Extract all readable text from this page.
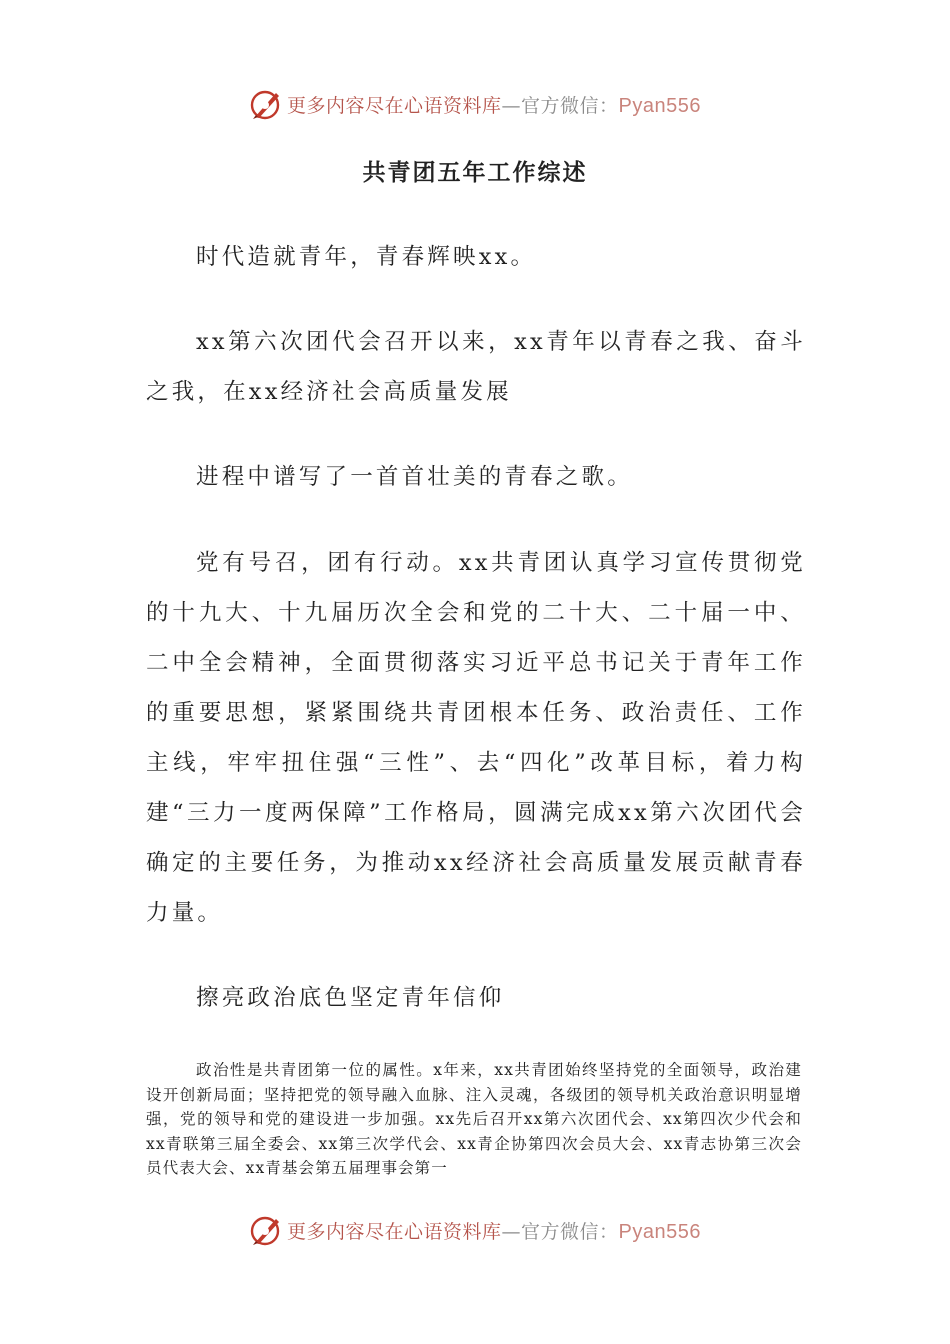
更多内容尽在心语资料库—官方微信：Pyan556
共青团五年工作综述

时代造就青年，青春辉映xx。

xx第六次团代会召开以来，xx青年以青春之我、奋斗之我，在xx经济社会高质量发展

进程中谱写了一首首壮美的青春之歌。

党有号召，团有行动。xx共青团认真学习宣传贯彻党的十九大、十九届历次全会和党的二十大、二十届一中、二中全会精神，全面贯彻落实习近平总书记关于青年工作的重要思想，紧紧围绕共青团根本任务、政治责任、工作主线，牢牢扭住强“三性”、去“四化”改革目标，着力构建“三力一度两保障”工作格局，圆满完成xx第六次团代会确定的主要任务，为推动xx经济社会高质量发展贡献青春力量。

擦亮政治底色坚定青年信仰

政治性是共青团第一位的属性。x年来，xx共青团始终坚持党的全面领导，政治建设开创新局面；坚持把党的领导融入血脉、注入灵魂，各级团的领导机关政治意识明显增强，党的领导和党的建设进一步加强。xx先后召开xx第六次团代会、xx第四次少代会和xx青联第三届全委会、xx第三次学代会、xx青企协第四次会员大会、xx青志协第三次会员代表大会、xx青基会第五届理事会第一

更多内容尽在心语资料库—官方微信：Pyan556
